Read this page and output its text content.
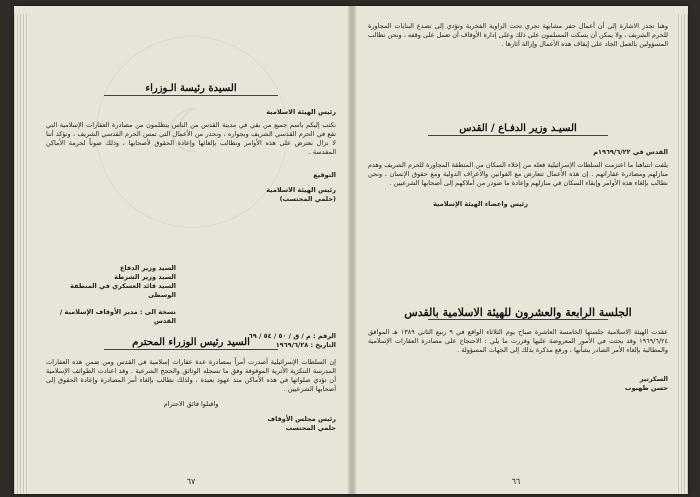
☾
السيدة رئيسة الـوزراء
رئيس الهيئة الاسلامية
نكتب إليكم باسم جميع من بقي في مدينة القدس من الناس يتظلمون من مصادرة العقارات الإسلامية التي تقع في الحرم القدسي الشريف وبجواره ، ونحذر من الأعمال التي تمس الحرم القدسي الشريف ، ونؤكد أننا لا نزال نعترض على هذه الأوامر ونطالب بإلغائها وإعادة الحقوق لأصحابها ، وذلك صوناً لحرمة الأماكن المقدسة .
التوقيع
رئيس الهيئة الاسلامية
(حلمي المحتسب)
السيد وزير الدفاع
السيد وزير الشرطة
السيد قائد العسكري في المنطقة الوسطى
نسخة الى : مدير الأوقاف الإسلامية / القدس
الرقم : م / ق / ٥٠ / ٥٤ / ٦٩
التاريخ : ١٩٦٩/٦/٢٨
السيد رئيس الوزراء المحترم
إن السلطات الإسرائيلية أصدرت أمراً بمصادرة عدة عقارات إسلامية في القدس ومن ضمن هذه العقارات المدرسة التنكزية الأثرية الموقوفة وفق ما تسجله الوثائق والحجج الشرعية . وقد اعتادت الطوائف الإسلامية أن تؤدي صلواتها في هذه الأماكن منذ عهود بعيدة ، ولذلك نطالب بإلغاء أمر المصادرة وإعادة الحقوق إلى أصحابها الشرعيين .
واقبلوا فائق الاحترام
رئيس مجلس الأوقاف
حلمي المحتسب
٦٧
وهنا تجدر الاشارة إلى أن أعمال حفر مشابهة تجري تحت الزاوية الفخرية وتؤدي إلى تصدع البنايات المجاورة للحرم الشريف ، ولا يمكن أن يسكت المسلمون على ذلك وعلى إدارة الأوقاف أن تعمل على وقفه ، ونحن نطالب المسؤولين بالعمل الجاد على إيقاف هذه الأعمال وإزالة آثارها .
السيـد وزير الدفـاع / القدس
القدس في ١٩٦٩/٦/٢٢م
يلفت انتباهنا ما اعتزمت السلطات الإسرائيلية فعله من إخلاء السكان من المنطقة المجاورة للحرم الشريف وهدم منازلهم ومصادرة عقاراتهم . إن هذه الأعمال تتعارض مع القوانين والأعراف الدولية ومع حقوق الإنسان ، ونحن نطالب بإلغاء هذه الأوامر وإبقاء السكان في منازلهم وإعادة ما صودر من أملاكهم إلى أصحابها الشرعيين .
رئيس واعضاء الهيئة الإسلامية
الجلسة الرابعة والعشرون للهيئة الاسلامية بالقدس
عقدت الهيئة الاسلامية جلستها الخامسة العاشرة صباح يوم الثلاثاء الواقع في ٩ ربيع الثاني ١٣٨٩ هـ الموافق ١٩٦٩/٦/٢٤ وقد بحثت في الأمور المعروضة عليها وقررت ما يلي : الاحتجاج على مصادرة العقارات الإسلامية والمطالبة بإلغاء الأمر الصادر بشأنها ، ورفع مذكرة بذلك إلى الجهات المسؤولة .
السكرتير
حسن طهبوب
٦٦
